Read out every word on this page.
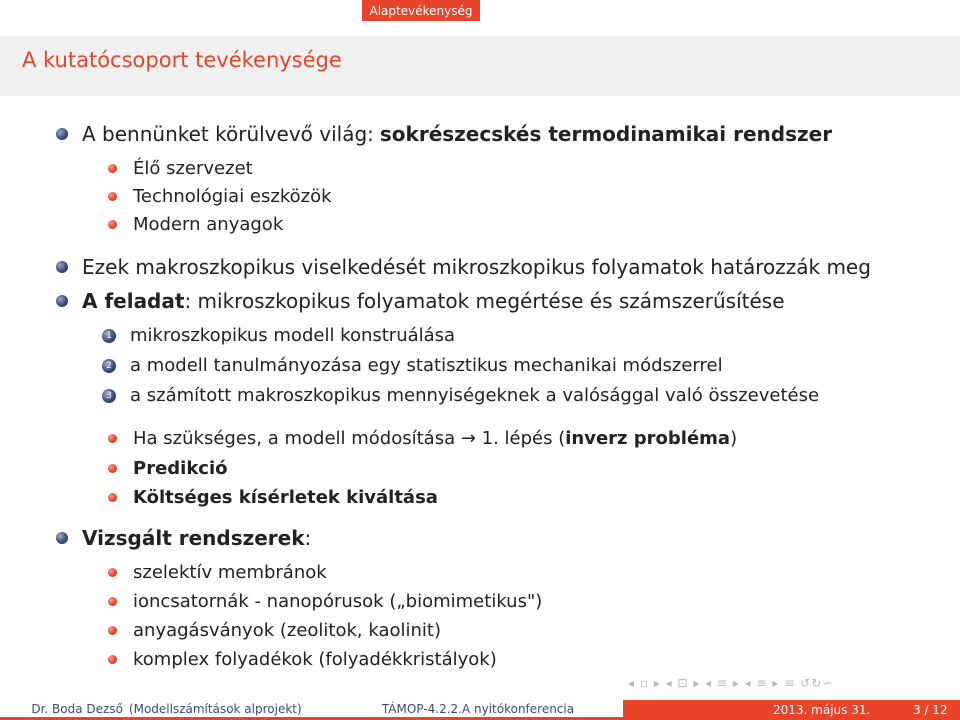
Alaptevékenység
A kutatócsoport tevékenysége
A bennünket körülvevő világ: sokrészecskés termodinamikai rendszer
Élő szervezet
Technológiai eszközök
Modern anyagok
Ezek makroszkopikus viselkedését mikroszkopikus folyamatok határozzák meg
A feladat : mikroszkopikus folyamatok megértése és számszerűsítése
1 mikroszkopikus modell konstruálása
2 a modell tanulmányozása egy statisztikus mechanikai módszerrel
3 a számított makroszkopikus mennyiségeknek a valósággal való összevetése
Ha szükséges, a modell módosítása → 1. lépés ( inverz probléma )
Predikció
Költséges kísérletek kiváltása
Vizsgált rendszerek :
szelektív membránok
ioncsatornák - nanopórusok („biomimetikus")
anyagásványok (zeolitok, kaolinit)
komplex folyadékok (folyadékkristályok)
◂ ▫ ▸ ◂ ⊡ ▸ ◂ ≡ ▸ ◂ ≡ ▸ ≡ ↺↻∽
Dr. Boda Dezső (Modellszámítások alprojekt)	TÁMOP-4.2.2.A nyitókonferencia	2013. május 31.	3 / 12
